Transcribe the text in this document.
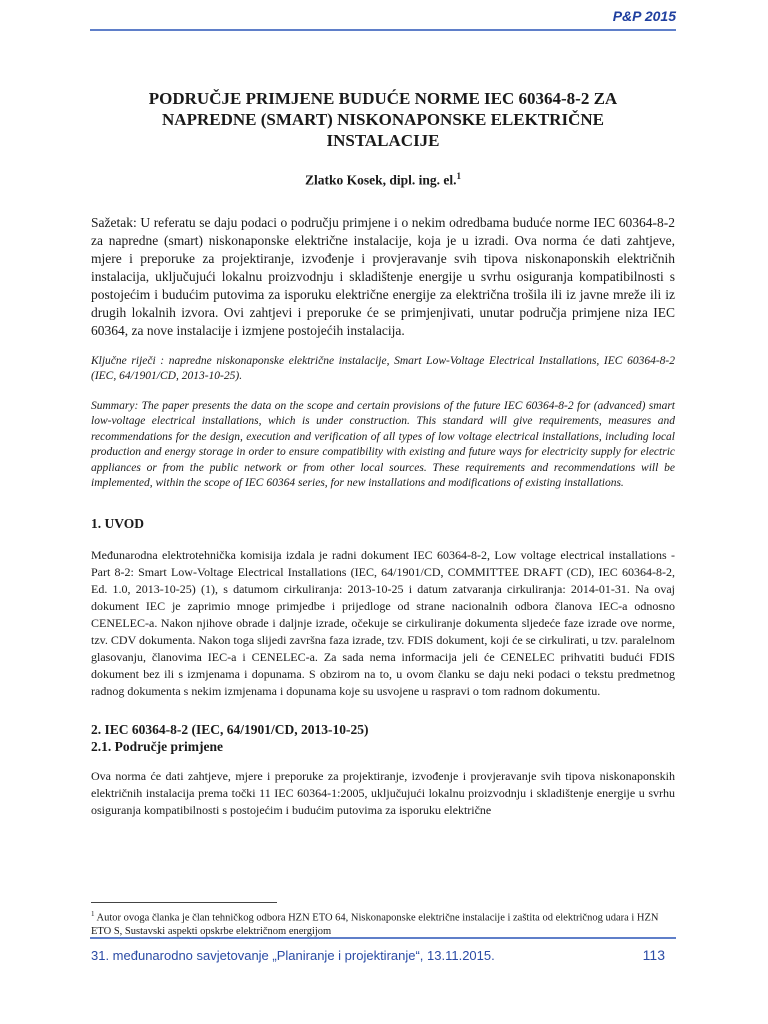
P&P 2015
PODRUČJE PRIMJENE BUDUĆE NORME IEC 60364-8-2 ZA
NAPREDNE (SMART) NISKONAPONSKE ELEKTRIČNE
INSTALACIJE
Zlatko Kosek, dipl. ing. el.$^1$

Sažetak: U referatu se daju podaci o području primjene i o nekim odredbama buduće norme IEC 60364-8-2 za napredne (smart) niskonaponske električne instalacije, koja je u izradi. Ova norma će dati zahtjeve, mjere i preporuke za projektiranje, izvođenje i provjeravanje svih tipova niskonaponskih električnih instalacija, uključujući lokalnu proizvodnju i skladištenje energije u svrhu osiguranja kompatibilnosti s postojećim i budućim putovima za isporuku električne energije za električna trošila ili iz javne mreže ili iz drugih lokalnih izvora. Ovi zahtjevi i preporuke će se primjenjivati, unutar područja primjene niza IEC 60364, za nove instalacije i izmjene postojećih instalacija.

Ključne riječi : napredne niskonaponske električne instalacije, Smart Low-Voltage Electrical Installations, IEC 60364-8-2 (IEC, 64/1901/CD, 2013-10-25).

Summary: The paper presents the data on the scope and certain provisions of the future IEC 60364-8-2 for (advanced) smart low-voltage electrical installations, which is under construction. This standard will give requirements, measures and recommendations for the design, execution and verification of all types of low voltage electrical installations, including local production and energy storage in order to ensure compatibility with existing and future ways for electricity supply for electric appliances or from the public network or from other local sources. These requirements and recommendations will be implemented, within the scope of IEC 60364 series, for new installations and modifications of existing installations.

1. UVOD

Međunarodna elektrotehnička komisija izdala je radni dokument IEC 60364-8-2, Low voltage electrical installations - Part 8-2: Smart Low-Voltage Electrical Installations (IEC, 64/1901/CD, COMMITTEE DRAFT (CD), IEC 60364-8-2, Ed. 1.0, 2013-10-25) (1), s datumom cirkuliranja: 2013-10-25 i datum zatvaranja cirkuliranja: 2014-01-31. Na ovaj dokument IEC je zaprimio mnoge primjedbe i prijedloge od strane nacionalnih odbora članova IEC-a odnosno CENELEC-a. Nakon njihove obrade i daljnje izrade, očekuje se cirkuliranje dokumenta sljedeće faze izrade ove norme, tzv. CDV dokumenta. Nakon toga slijedi završna faza izrade, tzv. FDIS dokument, koji će se cirkulirati, u tzv. paralelnom glasovanju, članovima IEC-a i CENELEC-a. Za sada nema informacija jeli će CENELEC prihvatiti budući FDIS dokument bez ili s izmjenama i dopunama. S obzirom na to, u ovom članku se daju neki podaci o tekstu predmetnog radnog dokumenta s nekim izmjenama i dopunama koje su usvojene u raspravi o tom radnom dokumentu.

2. IEC 60364-8-2 (IEC, 64/1901/CD, 2013-10-25)
2.1. Područje primjene

Ova norma će dati zahtjeve, mjere i preporuke za projektiranje, izvođenje i provjeravanje svih tipova niskonaponskih električnih instalacija prema točki 11 IEC 60364-1:2005, uključujući lokalnu proizvodnju i skladištenje energije u svrhu osiguranja kompatibilnosti s postojećim i budućim putovima za isporuku električne

$^1$ Autor ovoga članka je član tehničkog odbora HZN ETO 64, Niskonaponske električne instalacije i zaštita od električnog udara i HZN ETO S, Sustavski aspekti opskrbe električnom energijom
31. međunarodno savjetovanje „Planiranje i projektiranje“, 13.11.2015.	113
